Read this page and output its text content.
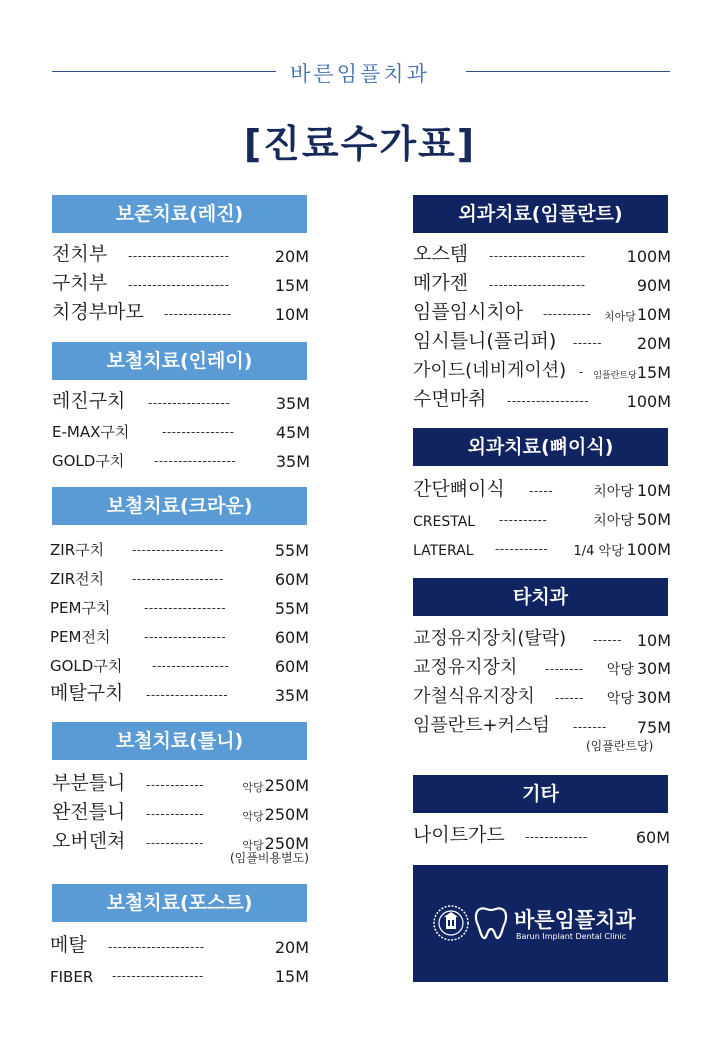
바른임플치과
[진료수가표]
보존치료(레진)
전치부 ---------------------	20M
구치부 ---------------------	15M
치경부마모 --------------	10M
보철치료(인레이)
레진구치 -----------------	35M
E-MAX구치	---------------	45M
GOLD구치 ----------------- 35M
보철치료(크라운)
ZIR구치 -------------------	55M
ZIR전치 -------------------	60M
PEM구치	-----------------	55M
PEM전치	-----------------	60M
GOLD구치 ----------------	60M
메탈구치 -----------------	35M
보철치료(틀니)
부분틀니 ------------	악당250M
완전틀니 ------------	악당250M
오버덴쳐 ------------	악당250M
(임플비용별도)
보철치료(포스트)
메탈 --------------------	20M
FIBER -------------------	15M
외과치료(임플란트)
오스템 --------------------	100M
메가젠 --------------------	90M
임플임시치아 ---------- 치아당10M
임시틀니(플리퍼) ------ 20M
가이드(네비게이션) - 임플란트당15M
수면마취 ----------------- 100M
외과치료(뼈이식)
간단뼈이식 -----	치아당 10M
CRESTAL ----------	치아당 50M
LATERAL ----------- 1/4 악당 100M
타치과
교정유지장치(탈락) ------ 10M
교정유지장치 -------- 악당 30M
가철식유지장치 ------ 악당 30M
임플란트+커스텀 ------- 75M
(임플란트당)
기타
나이트가드 -------------	60M
바른임플치과
Barun Implant Dental Clinic
